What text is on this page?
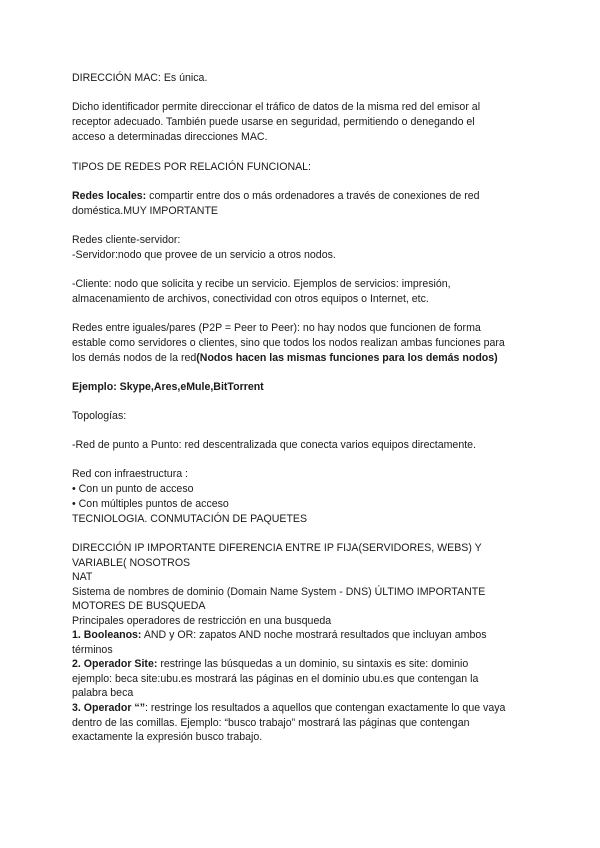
DIRECCIÓN MAC: Es única.
Dicho identificador permite direccionar el tráfico de datos de la misma red del emisor al
receptor adecuado. También puede usarse en seguridad, permitiendo o denegando el
acceso a determinadas direcciones MAC.
TIPOS DE REDES POR RELACIÓN FUNCIONAL:
Redes locales: compartir entre dos o más ordenadores a través de conexiones de red
doméstica.MUY IMPORTANTE
Redes cliente-servidor:
-Servidor:nodo que provee de un servicio a otros nodos.
-Cliente: nodo que solicita y recibe un servicio. Ejemplos de servicios: impresión,
almacenamiento de archivos, conectividad con otros equipos o Internet, etc.
Redes entre iguales/pares (P2P = Peer to Peer): no hay nodos que funcionen de forma
estable como servidores o clientes, sino que todos los nodos realizan ambas funciones para
los demás nodos de la red(Nodos hacen las mismas funciones para los demás nodos)
Ejemplo: Skype,Ares,eMule,BitTorrent
Topologías:
-Red de punto a Punto: red descentralizada que conecta varios equipos directamente.
Red con infraestructura :
• Con un punto de acceso
• Con múltiples puntos de acceso
TECNIOLOGIA. CONMUTACIÓN DE PAQUETES
DIRECCIÓN IP IMPORTANTE DIFERENCIA ENTRE IP FIJA(SERVIDORES, WEBS) Y
VARIABLE( NOSOTROS
NAT
Sistema de nombres de dominio (Domain Name System - DNS) ÚLTIMO IMPORTANTE
MOTORES DE BUSQUEDA
Principales operadores de restricción en una busqueda
1. Booleanos: AND y OR: zapatos AND noche mostrará resultados que incluyan ambos
términos
2. Operador Site: restringe las búsquedas a un dominio, su sintaxis es site: dominio
ejemplo: beca site:ubu.es mostrará las páginas en el dominio ubu.es que contengan la
palabra beca
3. Operador “”: restringe los resultados a aquellos que contengan exactamente lo que vaya
dentro de las comillas. Ejemplo: “busco trabajo” mostrará las páginas que contengan
exactamente la expresión busco trabajo.
